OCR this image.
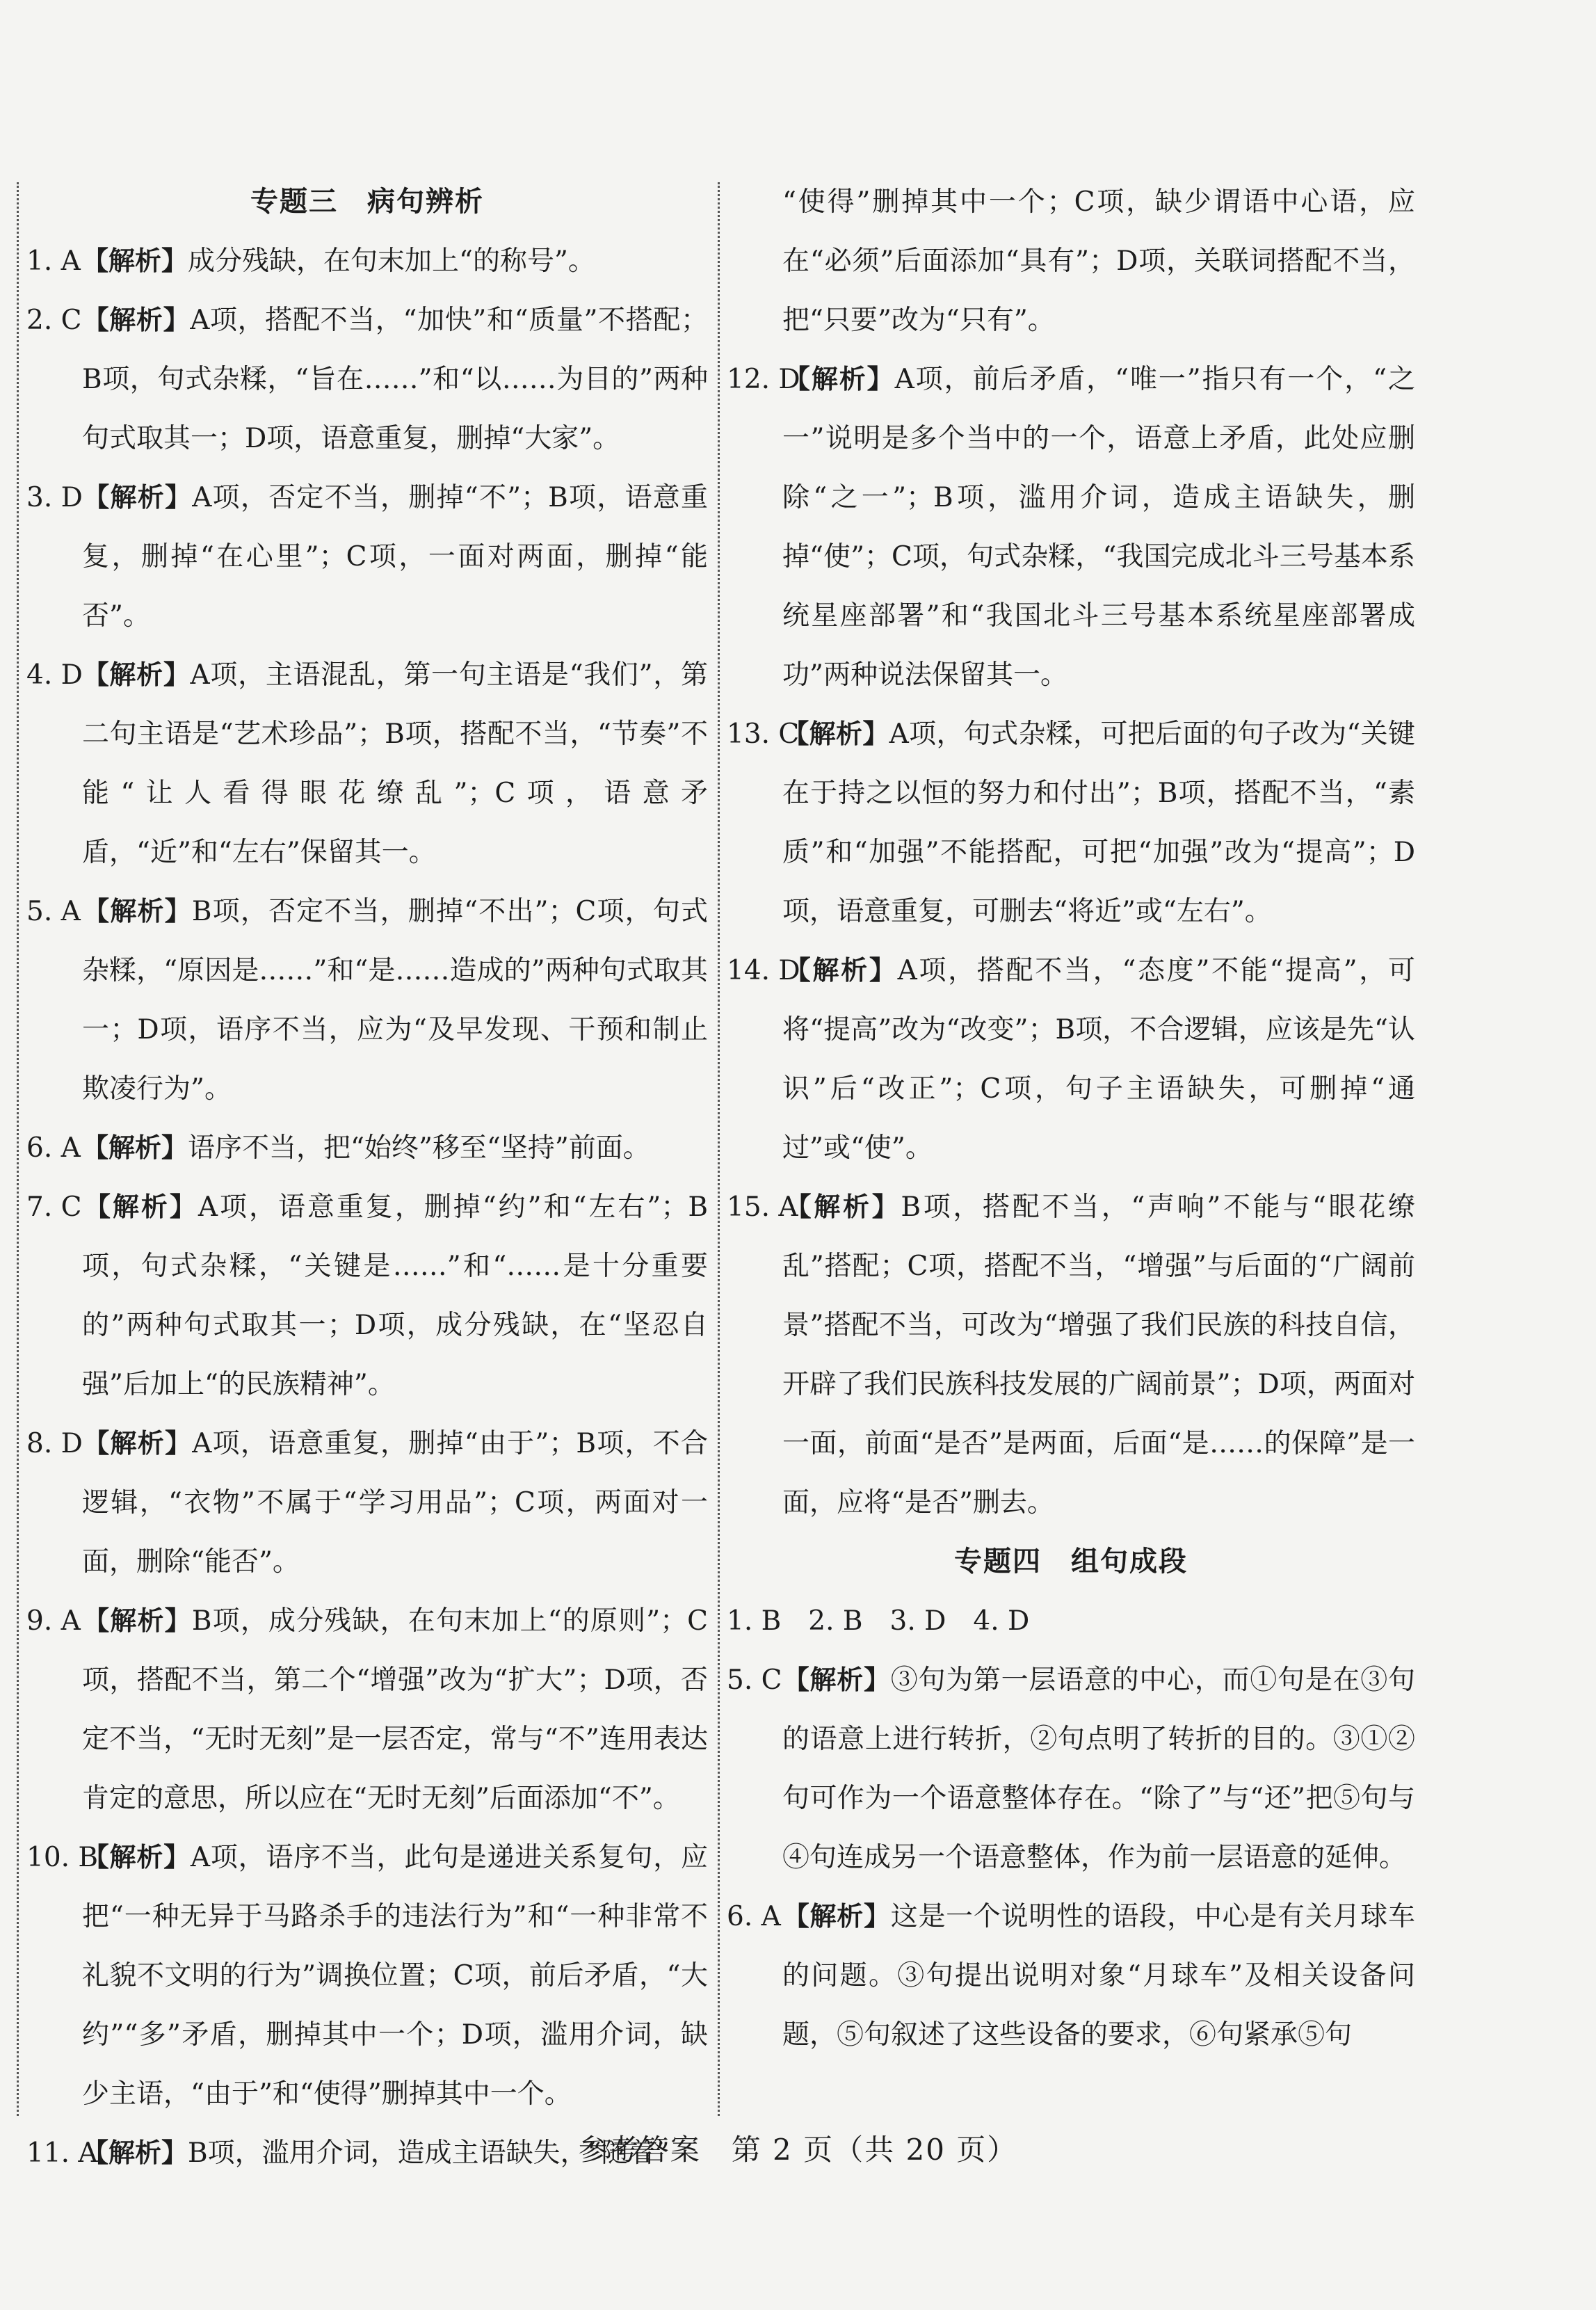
专题三　病句辨析

1. A【解析】成分残缺，在句末加上“的称号”。

2. C【解析】A项，搭配不当，“加快”和“质量”不搭配；B项，句式杂糅，“旨在……”和“以……为目的”两种句式取其一；D项，语意重复，删掉“大家”。

3. D【解析】A项，否定不当，删掉“不”；B项，语意重复，删掉“在心里”；C项，一面对两面，删掉“能否”。

4. D【解析】A项，主语混乱，第一句主语是“我们”，第二句主语是“艺术珍品”；B项，搭配不当，“节奏”不能“让人看得眼花缭乱”；C项，语意矛盾，“近”和“左右”保留其一。

5. A【解析】B项，否定不当，删掉“不出”；C项，句式杂糅，“原因是……”和“是……造成的”两种句式取其一；D项，语序不当，应为“及早发现、干预和制止欺凌行为”。

6. A【解析】语序不当，把“始终”移至“坚持”前面。

7. C【解析】A项，语意重复，删掉“约”和“左右”；B项，句式杂糅，“关键是……”和“……是十分重要的”两种句式取其一；D项，成分残缺，在“坚忍自强”后加上“的民族精神”。

8. D【解析】A项，语意重复，删掉“由于”；B项，不合逻辑，“衣物”不属于“学习用品”；C项，两面对一面，删除“能否”。

9. A【解析】B项，成分残缺，在句末加上“的原则”；C项，搭配不当，第二个“增强”改为“扩大”；D项，否定不当，“无时无刻”是一层否定，常与“不”连用表达肯定的意思，所以应在“无时无刻”后面添加“不”。

10. B【解析】A项，语序不当，此句是递进关系复句，应把“一种无异于马路杀手的违法行为”和“一种非常不礼貌不文明的行为”调换位置；C项，前后矛盾，“大约”“多”矛盾，删掉其中一个；D项，滥用介词，缺少主语，“由于”和“使得”删掉其中一个。

11. A【解析】B项，滥用介词，造成主语缺失，“随着”

“使得”删掉其中一个；C项，缺少谓语中心语，应在“必须”后面添加“具有”；D项，关联词搭配不当，把“只要”改为“只有”。

12. D【解析】A项，前后矛盾，“唯一”指只有一个，“之一”说明是多个当中的一个，语意上矛盾，此处应删除“之一”；B项，滥用介词，造成主语缺失，删掉“使”；C项，句式杂糅，“我国完成北斗三号基本系统星座部署”和“我国北斗三号基本系统星座部署成功”两种说法保留其一。

13. C【解析】A项，句式杂糅，可把后面的句子改为“关键在于持之以恒的努力和付出”；B项，搭配不当，“素质”和“加强”不能搭配，可把“加强”改为“提高”；D项，语意重复，可删去“将近”或“左右”。

14. D【解析】A项，搭配不当，“态度”不能“提高”，可将“提高”改为“改变”；B项，不合逻辑，应该是先“认识”后“改正”；C项，句子主语缺失，可删掉“通过”或“使”。

15. A【解析】B项，搭配不当，“声响”不能与“眼花缭乱”搭配；C项，搭配不当，“增强”与后面的“广阔前景”搭配不当，可改为“增强了我们民族的科技自信，开辟了我们民族科技发展的广阔前景”；D项，两面对一面，前面“是否”是两面，后面“是……的保障”是一面，应将“是否”删去。

专题四　组句成段

1. B　2. B　3. D　4. D

5. C【解析】③句为第一层语意的中心，而①句是在③句的语意上进行转折，②句点明了转折的目的。③①②句可作为一个语意整体存在。“除了”与“还”把⑤句与④句连成另一个语意整体，作为前一层语意的延伸。

6. A【解析】这是一个说明性的语段，中心是有关月球车的问题。③句提出说明对象“月球车”及相关设备问题，⑤句叙述了这些设备的要求，⑥句紧承⑤句

参考答案　第 2 页（共 20 页）
